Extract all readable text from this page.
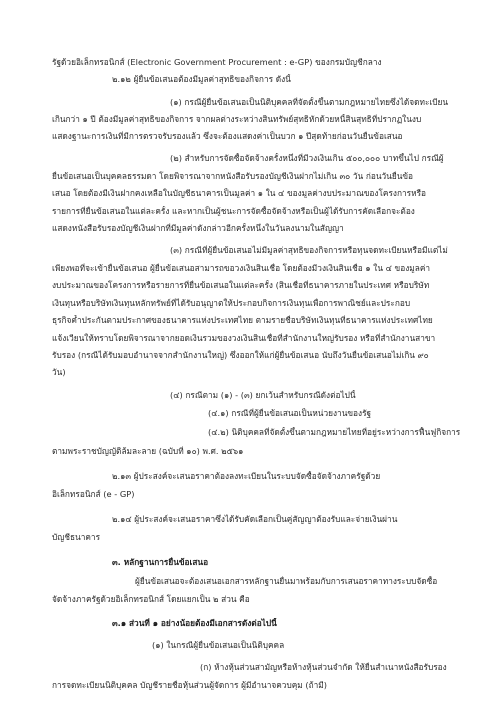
รัฐด้วยอิเล็กทรอนิกส์ (Electronic Government Procurement : e-GP) ของกรมบัญชีกลาง
๒.๑๒ ผู้ยื่นข้อเสนอต้องมีมูลค่าสุทธิของกิจการ ดังนี้
(๑) กรณีผู้ยื่นข้อเสนอเป็นนิติบุคคลที่จัดตั้งขึ้นตามกฎหมายไทยซึ่งได้จดทะเบียน
เกินกว่า ๑ ปี ต้องมีมูลค่าสุทธิของกิจการ จากผลต่างระหว่างสินทรัพย์สุทธิหักด้วยหนี้สินสุทธิที่ปรากฏในงบ
แสดงฐานะการเงินที่มีการตรวจรับรองแล้ว ซึ่งจะต้องแสดงค่าเป็นบวก ๑ ปีสุดท้ายก่อนวันยื่นข้อเสนอ
(๒) สำหรับการจัดซื้อจัดจ้างครั้งหนึ่งที่มีวงเงินเกิน ๕๐๐,๐๐๐ บาทขึ้นไป กรณีผู้
ยื่นข้อเสนอเป็นบุคคลธรรมดา โดยพิจารณาจากหนังสือรับรองบัญชีเงินฝากไม่เกิน ๓๐ วัน ก่อนวันยื่นข้อ
เสนอ โดยต้องมีเงินฝากคงเหลือในบัญชีธนาคารเป็นมูลค่า ๑ ใน ๔ ของมูลค่างบประมาณของโครงการหรือ
รายการที่ยื่นข้อเสนอในแต่ละครั้ง และหากเป็นผู้ชนะการจัดซื้อจัดจ้างหรือเป็นผู้ได้รับการคัดเลือกจะต้อง
แสดงหนังสือรับรองบัญชีเงินฝากที่มีมูลค่าดังกล่าวอีกครั้งหนึ่งในวันลงนามในสัญญา
(๓) กรณีที่ผู้ยื่นข้อเสนอไม่มีมูลค่าสุทธิของกิจการหรือทุนจดทะเบียนหรือมีแต่ไม่
เพียงพอที่จะเข้ายื่นข้อเสนอ ผู้ยื่นข้อเสนอสามารถขอวงเงินสินเชื่อ โดยต้องมีวงเงินสินเชื่อ ๑ ใน ๔ ของมูลค่า
งบประมาณของโครงการหรือรายการที่ยื่นข้อเสนอในแต่ละครั้ง (สินเชื่อที่ธนาคารภายในประเทศ หรือบริษัท
เงินทุนหรือบริษัทเงินทุนหลักทรัพย์ที่ได้รับอนุญาตให้ประกอบกิจการเงินทุนเพื่อการพาณิชย์และประกอบ
ธุรกิจค้ำประกันตามประกาศของธนาคารแห่งประเทศไทย ตามรายชื่อบริษัทเงินทุนที่ธนาคารแห่งประเทศไทย
แจ้งเวียนให้ทราบโดยพิจารณาจากยอดเงินรวมของวงเงินสินเชื่อที่สำนักงานใหญ่รับรอง หรือที่สำนักงานสาขา
รับรอง (กรณีได้รับมอบอำนาจจากสำนักงานใหญ่) ซึ่งออกให้แก่ผู้ยื่นข้อเสนอ นับถึงวันยื่นข้อเสนอไม่เกิน ๙๐
วัน)
(๔) กรณีตาม (๑) - (๓) ยกเว้นสำหรับกรณีดังต่อไปนี้
(๔.๑) กรณีที่ผู้ยื่นข้อเสนอเป็นหน่วยงานของรัฐ
(๔.๒) นิติบุคคลที่จัดตั้งขึ้นตามกฎหมายไทยที่อยู่ระหว่างการฟื้นฟูกิจการ
ตามพระราชบัญญัติล้มละลาย (ฉบับที่ ๑๐) พ.ศ. ๒๕๖๑
๒.๑๓ ผู้ประสงค์จะเสนอราคาต้องลงทะเบียนในระบบจัดซื้อจัดจ้างภาครัฐด้วย
อิเล็กทรอนิกส์ (e - GP)
๒.๑๔ ผู้ประสงค์จะเสนอราคาซึ่งได้รับคัดเลือกเป็นคู่สัญญาต้องรับและจ่ายเงินผ่าน
บัญชีธนาคาร
๓. หลักฐานการยื่นข้อเสนอ
ผู้ยื่นข้อเสนอจะต้องเสนอเอกสารหลักฐานยื่นมาพร้อมกับการเสนอราคาทางระบบจัดซื้อ
จัดจ้างภาครัฐด้วยอิเล็กทรอนิกส์ โดยแยกเป็น ๒ ส่วน คือ
๓.๑ ส่วนที่ ๑ อย่างน้อยต้องมีเอกสารดังต่อไปนี้
(๑) ในกรณีผู้ยื่นข้อเสนอเป็นนิติบุคคล
(ก) ห้างหุ้นส่วนสามัญหรือห้างหุ้นส่วนจำกัด ให้ยื่นสำเนาหนังสือรับรอง
การจดทะเบียนนิติบุคคล บัญชีรายชื่อหุ้นส่วนผู้จัดการ ผู้มีอำนาจควบคุม (ถ้ามี)
